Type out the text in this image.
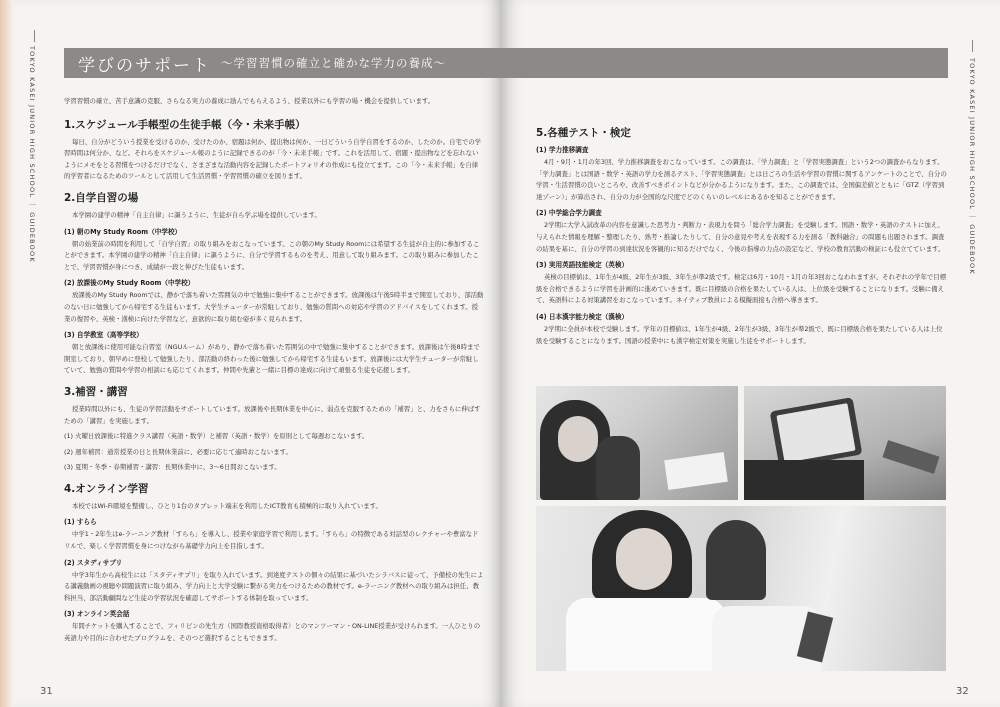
TOKYO KASEI JUNIOR HIGH SCHOOL ｜ GUIDEBOOK
31
学びのサポート ～学習習慣の確立と確かな学力の養成～

学習習慣の確立、苦手意識の克服、さらなる実力の養成に励んでもらえるよう、授業以外にも学習の場・機会を提供しています。

1.スケジュール手帳型の生徒手帳（今・未来手帳）

毎日、自分がどういう授業を受けるのか、受けたのか、宿題は何か、提出物は何か、一日どういう自学自習をするのか、したのか。自宅での学習時間は何分か、など。それらをスケジュール帳のように記録できるのが「今・未来手帳」です。これを活用して、宿題・提出物などを忘れないようにメモをとる習慣をつけるだけでなく、さまざまな活動内容を記録したポートフォリオの作成にも役立てます。この「今・未来手帳」を自律的学習者になるためのツールとして活用して生活習慣・学習習慣の確立を図ります。

2.自学自習の場

本学園の建学の精神「自主自律」に謳うように、生徒が自ら学ぶ場を提供しています。

(1) 朝のMy Study Room（中学校）

朝の始業前の時間を利用して「自学自習」の取り組みをおこなっています。この朝のMy Study Roomには希望する生徒が自主的に参加することができます。本学園の建学の精神「自主自律」に謳うように、自分で学習するものを考え、用意して取り組みます。この取り組みに参加したことで、学習習慣が身につき、成績が一段と伸びた生徒もいます。

(2) 放課後のMy Study Room（中学校）

放課後のMy Study Roomでは、静かで落ち着いた雰囲気の中で勉強に集中することができます。放課後は午後5時半まで開室しており、部活動のない日に勉強してから帰宅する生徒もいます。大学生チューターが常駐しており、勉強の質問への対応や学習のアドバイスをしてくれます。授業の復習や、英検・漢検に向けた学習など、意欲的に取り組む姿が多く見られます。

(3) 自学教室（高等学校）

朝と放課後に使用可能な自習室（NGUルーム）があり、静かで落ち着いた雰囲気の中で勉強に集中することができます。放課後は午後8時まで開室しており、朝早めに登校して勉強したり、部活動の終わった後に勉強してから帰宅する生徒もいます。放課後には大学生チューターが常駐していて、勉強の質問や学習の相談にも応じてくれます。仲間や先輩と一緒に目標の達成に向けて頑張る生徒を応援します。

3.補習・講習

授業時間以外にも、生徒の学習活動をサポートしています。放課後や長期休業を中心に、弱点を克服するための「補習」と、力をさらに伸ばすための「講習」を実施します。

(1) 火曜日放課後に特進クラス講習（英語・数学）と補習（英語・数学）を原則として毎週おこないます。

(2) 週年補習：通常授業の日と長期休業前に、必要に応じて適時おこないます。

(3) 夏期・冬季・春期補習・講習：長期休業中に、3～6日間おこないます。

4.オンライン学習

本校ではWi-Fi環境を整備し、ひとり1台のタブレット端末を利用したICT教育も積極的に取り入れています。

(1) すらら

中学1・2年生はe-ラーニング教材「すらら」を導入し、授業や家庭学習で利用します。「すらら」の特徴である対話型のレクチャーや豊富なドリルで、楽しく学習習慣を身につけながら基礎学力向上を目指します。

(2) スタディサプリ

中学3年生から高校生には「スタディサプリ」を取り入れています。到達度テストの個々の結果に基づいたシラバスに従って、予備校の先生による講義動画の視聴や問題演習に取り組み、学力向上と大学受験に繋がる実力をつけるための教材です。e-ラーニング教材への取り組みは担任、教科担当、部活動顧問など生徒の学習状況を確認してサポートする体制を取っています。

(3) オンライン英会話

年間チケットを購入することで、フィリピンの先生方（国際教授資格取得者）とのマンツーマン・ON-LINE授業が受けられます。一人ひとりの英語力や目的に合わせたプログラムを、そのつど選択することもできます。

32
TOKYO KASEI JUNIOR HIGH SCHOOL ｜ GUIDEBOOK
5.各種テスト・検定
(1) 学力推移調査

4月・9月・1月の年3回、学力推移調査をおこなっています。この調査は、「学力調査」と「学習実態調査」という2つの調査からなります。「学力調査」とは国語・数学・英語の学力を測るテスト、「学習実態調査」とは日ごろの生活や学習の習慣に関するアンケートのことで、自分の学習・生活習慣の良いところや、改善すべきポイントなどが分かるようになります。また、この調査では、全国偏差値とともに「GTZ（学習到達ゾーン）」が算出され、自分の力が全国的な尺度でどのくらいのレベルにあるかを知ることができます。

(2) 中学総合学力調査

2学期に大学入試改革の内容を意識した思考力・判断力・表現力を問う「総合学力調査」を受験します。国語・数学・英語のテストに加え、与えられた情報を理解・整理したり、熟考・推論したりして、自分の意見や考えを表現する力を測る「教科融合」の問題も出題されます。調査の結果を基に、自分の学習の到達状況を客観的に知るだけでなく、今後の指導の力点の設定など、学校の教育活動の検証にも役立てています。

(3) 実用英語技能検定（英検）

英検の目標値は、1年生が4級、2年生が3級、3年生が準2級です。検定は6月・10月・1月の年3回おこなわれますが、それぞれの学年で目標級を合格できるように学習を計画的に進めていきます。既に目標級の合格を果たしている人は、上位級を受験することになります。受験に備えて、英語科による対策講習をおこなっています。ネイティブ教員による模擬面接も合格へ導きます。

(4) 日本漢字能力検定（漢検）

2学期に全員が本校で受験します。学年の目標値は、1年生が4級、2年生が3級、3年生が準2級で、既に目標級合格を果たしている人は上位級を受験することになります。国語の授業中にも漢字検定対策を実施し生徒をサポートします。
